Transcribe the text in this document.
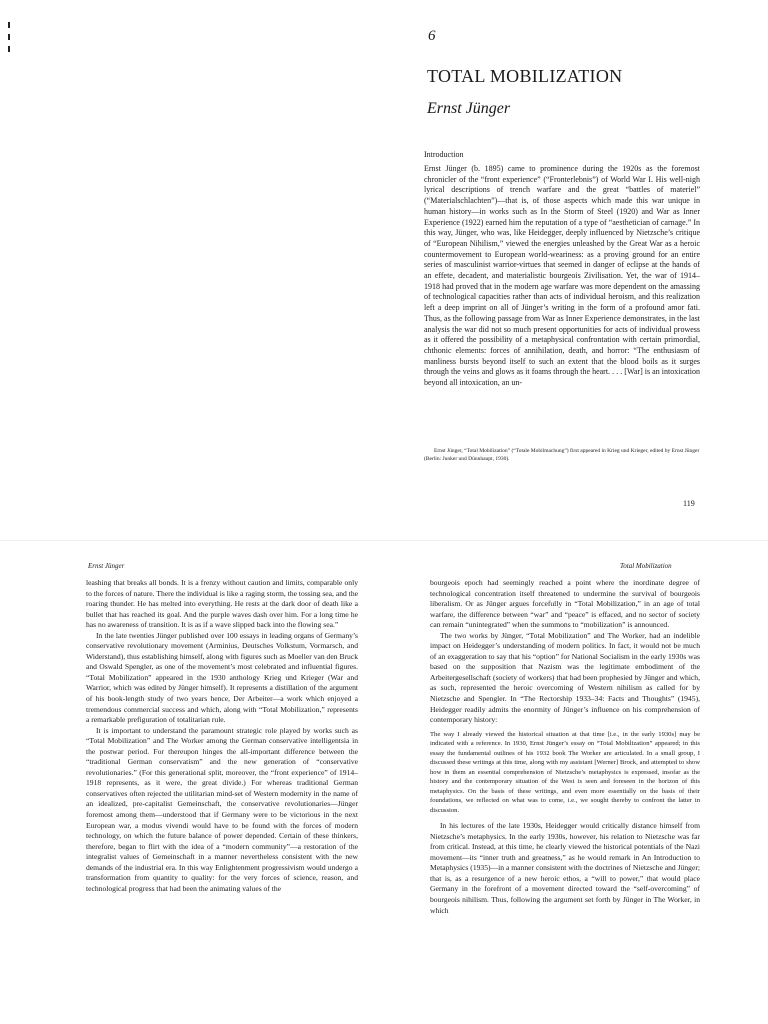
6
TOTAL MOBILIZATION
Ernst Jünger
Introduction

Ernst Jünger (b. 1895) came to prominence during the 1920s as the foremost chronicler of the “front experience” (“Fronterlebnis”) of World War I. His well-nigh lyrical descriptions of trench warfare and the great “battles of materiel” (“Materialschlachten”)—that is, of those aspects which made this war unique in human history—in works such as In the Storm of Steel (1920) and War as Inner Experience (1922) earned him the reputation of a type of “aesthetician of carnage.” In this way, Jünger, who was, like Heidegger, deeply influenced by Nietzsche’s critique of “European Nihilism,” viewed the energies unleashed by the Great War as a heroic countermovement to European world-weariness: as a proving ground for an entire series of masculinist warrior-virtues that seemed in danger of eclipse at the hands of an effete, decadent, and materialistic bourgeois Zivilisation. Yet, the war of 1914–1918 had proved that in the modern age warfare was more dependent on the amassing of technological capacities rather than acts of individual heroism, and this realization left a deep imprint on all of Jünger’s writing in the form of a profound amor fati. Thus, as the following passage from War as Inner Experience demonstrates, in the last analysis the war did not so much present opportunities for acts of individual prowess as it offered the possibility of a metaphysical confrontation with certain primordial, chthonic elements: forces of annihilation, death, and horror: “The enthusiasm of manliness bursts beyond itself to such an extent that the blood boils as it surges through the veins and glows as it foams through the heart. . . . [War] is an intoxication beyond all intoxication, an un-

Ernst Jünger, “Total Mobilization” (“Totale Mobilmachung”) first appeared in Krieg und Krieger, edited by Ernst Jünger (Berlin: Junker und Dünnhaupt, 1930).
119
Ernst Jünger

leashing that breaks all bonds. It is a frenzy without caution and limits, comparable only to the forces of nature. There the individual is like a raging storm, the tossing sea, and the roaring thunder. He has melted into everything. He rests at the dark door of death like a bullet that has reached its goal. And the purple waves dash over him. For a long time he has no awareness of transition. It is as if a wave slipped back into the flowing sea.”

In the late twenties Jünger published over 100 essays in leading organs of Germany’s conservative revolutionary movement (Arminius, Deutsches Volkstum, Vormarsch, and Widerstand), thus establishing himself, along with figures such as Moeller van den Bruck and Oswald Spengler, as one of the movement’s most celebrated and influential figures. “Total Mobilization” appeared in the 1930 anthology Krieg und Krieger (War and Warrior, which was edited by Jünger himself). It represents a distillation of the argument of his book-length study of two years hence, Der Arbeiter—a work which enjoyed a tremendous commercial success and which, along with “Total Mobilization,” represents a remarkable prefiguration of totalitarian rule.

It is important to understand the paramount strategic role played by works such as “Total Mobilization” and The Worker among the German conservative intelligentsia in the postwar period. For thereupon hinges the all-important difference between the “traditional German conservatism” and the new generation of “conservative revolutionaries.” (For this generational split, moreover, the “front experience” of 1914–1918 represents, as it were, the great divide.) For whereas traditional German conservatives often rejected the utilitarian mind-set of Western modernity in the name of an idealized, pre-capitalist Gemeinschaft, the conservative revolutionaries—Jünger foremost among them—understood that if Germany were to be victorious in the next European war, a modus vivendi would have to be found with the forces of modern technology, on which the future balance of power depended. Certain of these thinkers, therefore, began to flirt with the idea of a “modern community”—a restoration of the integralist values of Gemeinschaft in a manner nevertheless consistent with the new demands of the industrial era. In this way Enlightenment progressivism would undergo a transformation from quantity to quality: for the very forces of science, reason, and technological progress that had been the animating values of the

Total Mobilization

bourgeois epoch had seemingly reached a point where the inordinate degree of technological concentration itself threatened to undermine the survival of bourgeois liberalism. Or as Jünger argues forcefully in “Total Mobilization,” in an age of total warfare, the difference between “war” and “peace” is effaced, and no sector of society can remain “unintegrated” when the summons to “mobilization” is announced.

The two works by Jünger, “Total Mobilization” and The Worker, had an indelible impact on Heidegger’s understanding of modern politics. In fact, it would not be much of an exaggeration to say that his “option” for National Socialism in the early 1930s was based on the supposition that Nazism was the legitimate embodiment of the Arbeitergesellschaft (society of workers) that had been prophesied by Jünger and which, as such, represented the heroic overcoming of Western nihilism as called for by Nietzsche and Spengler. In “The Rectorship 1933–34: Facts and Thoughts” (1945), Heidegger readily admits the enormity of Jünger’s influence on his comprehension of contemporary history:

The way I already viewed the historical situation at that time [i.e., in the early 1930s] may be indicated with a reference. In 1930, Ernst Jünger’s essay on “Total Mobilization” appeared; in this essay the fundamental outlines of his 1932 book The Worker are articulated. In a small group, I discussed these writings at this time, along with my assistant [Werner] Brock, and attempted to show how in them an essential comprehension of Nietzsche’s metaphysics is expressed, insofar as the history and the contemporary situation of the West is seen and foreseen in the horizon of this metaphysics. On the basis of these writings, and even more essentially on the basis of their foundations, we reflected on what was to come, i.e., we sought thereby to confront the latter in discussion.

In his lectures of the late 1930s, Heidegger would critically distance himself from Nietzsche’s metaphysics. In the early 1930s, however, his relation to Nietzsche was far from critical. Instead, at this time, he clearly viewed the historical potentials of the Nazi movement—its “inner truth and greatness,” as he would remark in An Introduction to Metaphysics (1935)—in a manner consistent with the doctrines of Nietzsche and Jünger; that is, as a resurgence of a new heroic ethos, a “will to power,” that would place Germany in the forefront of a movement directed toward the “self-overcoming” of bourgeois nihilism. Thus, following the argument set forth by Jünger in The Worker, in which
